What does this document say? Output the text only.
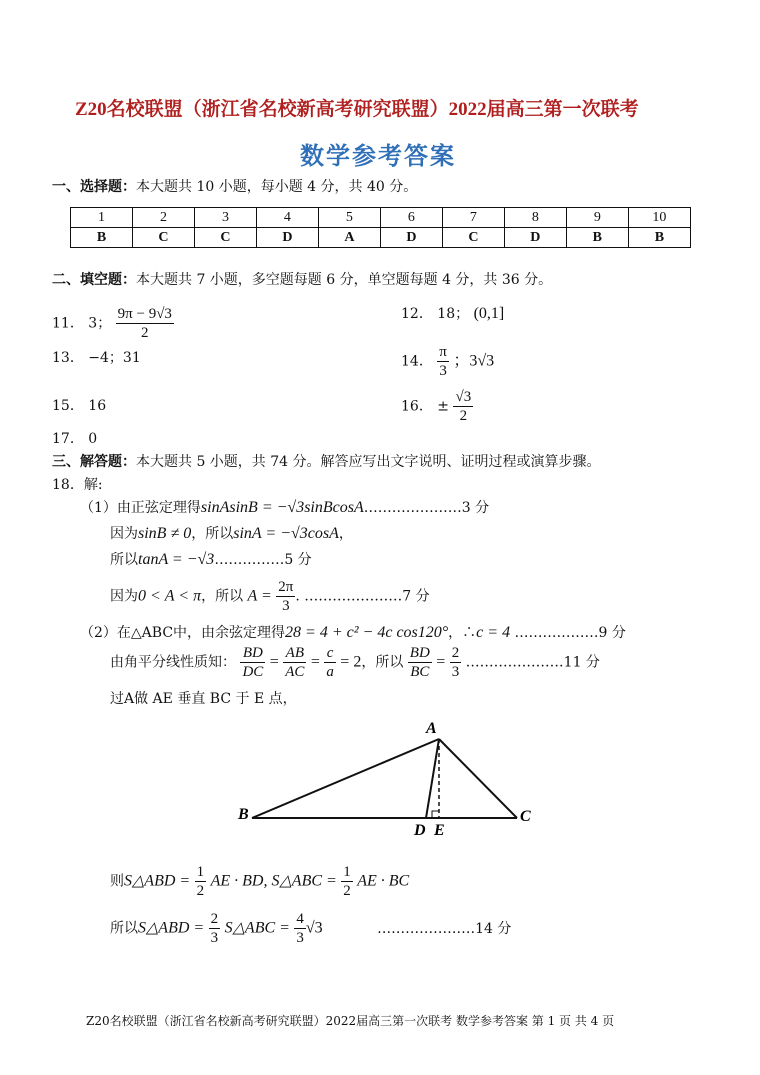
Z20名校联盟（浙江省名校新高考研究联盟）2022届高三第一次联考
数学参考答案
一、选择题：本大题共 10 小题，每小题 4 分，共 40 分。
1	2	3	4	5	6	7	8	9	10
B	C	C	D	A	D	C	D	B	B
二、填空题：本大题共 7 小题，多空题每题 6 分，单空题每题 4 分，共 36 分。
11． 3； $\frac{9\pi - 9√3}{2}$	12． 18； (0,1]
13． −4；31	14． $\frac{\pi}{3}$ ；3√3
15． 16	16． ± $\frac{√3}{2}$
17． 0
三、解答题：本大题共 5 小题，共 74 分。解答应写出文字说明、证明过程或演算步骤。
18．解:
（1）由正弦定理得sinAsinB = −√3sinBcosA…………………3 分
因为sinB ≠ 0，所以sinA = −√3cosA，
所以tanA = −√3……………5 分
因为0 < A < π，所以 $A = \frac{2\pi}{3}$ . …………………7 分
（2）在△ABC中，由余弦定理得28 = 4 + c² − 4c cos120°，∴c = 4 ………………9 分
由角平分线性质知： $\frac{BD}{DC} = \frac{AB}{AC} = \frac{c}{a} = 2$，所以 $\frac{BD}{BC} = \frac{2}{3}$ …………………11 分
过A做 AE 垂直 BC 于 E 点，
A
B	C
D E
则S△ABD = $\frac{1}{2}$ AE · BD, S△ABC = $\frac{1}{2}$ AE · BC
所以S△ABD = $\frac{2}{3}$ S△ABC = $\frac{4}{3} √3$	…………………14 分
Z20名校联盟（浙江省名校新高考研究联盟）2022届高三第一次联考 数学参考答案 第 1 页 共 4 页
